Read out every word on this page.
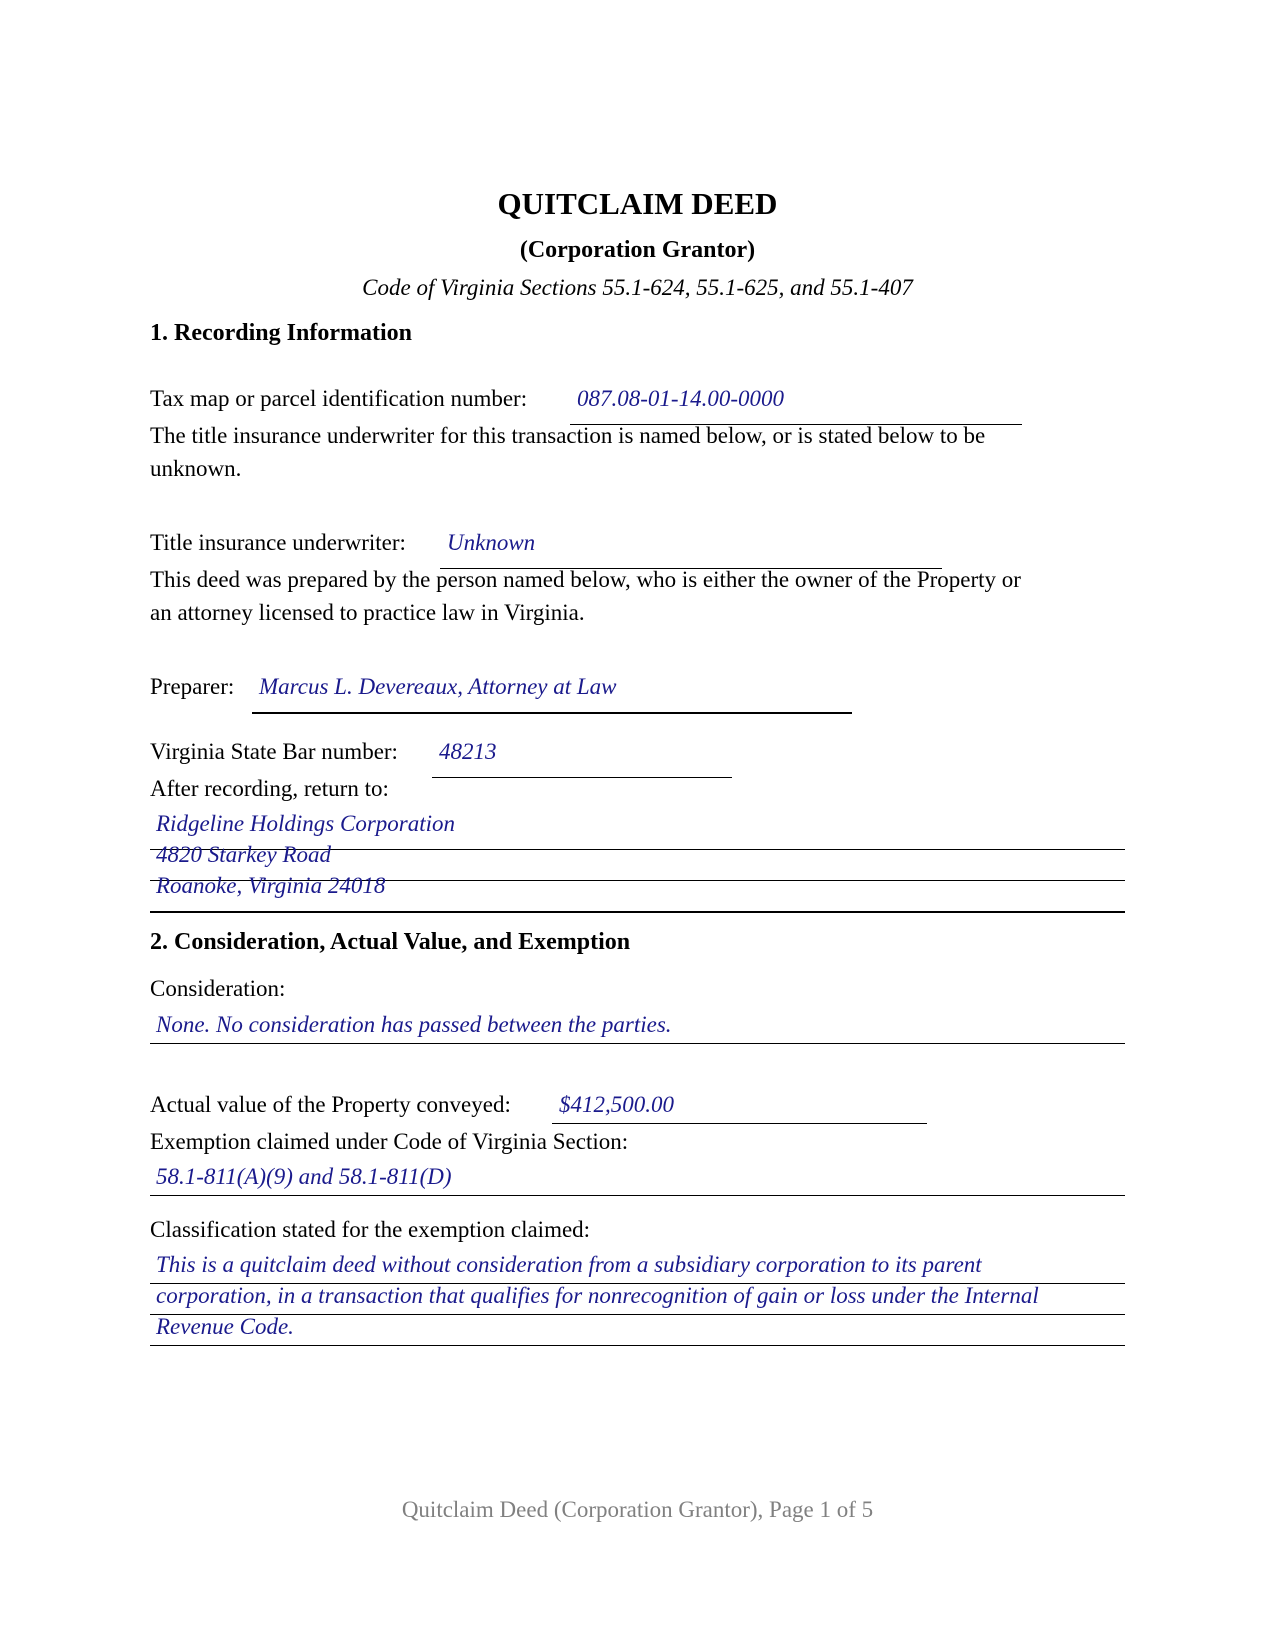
QUITCLAIM DEED
(Corporation Grantor)
Code of Virginia Sections 55.1-624, 55.1-625, and 55.1-407
1. Recording Information
Tax map or parcel identification number: 087.08-01-14.00-0000
The title insurance underwriter for this transaction is named below, or is stated below to be
unknown.
Title insurance underwriter: Unknown
This deed was prepared by the person named below, who is either the owner of the Property or
an attorney licensed to practice law in Virginia.
Preparer: Marcus L. Devereaux, Attorney at Law
Virginia State Bar number: 48213
After recording, return to:
Ridgeline Holdings Corporation
4820 Starkey Road
Roanoke, Virginia 24018
2. Consideration, Actual Value, and Exemption
Consideration:
None. No consideration has passed between the parties.
Actual value of the Property conveyed: $412,500.00
Exemption claimed under Code of Virginia Section:
58.1-811(A)(9) and 58.1-811(D)
Classification stated for the exemption claimed:
This is a quitclaim deed without consideration from a subsidiary corporation to its parent
corporation, in a transaction that qualifies for nonrecognition of gain or loss under the Internal
Revenue Code.
Quitclaim Deed (Corporation Grantor), Page 1 of 5
